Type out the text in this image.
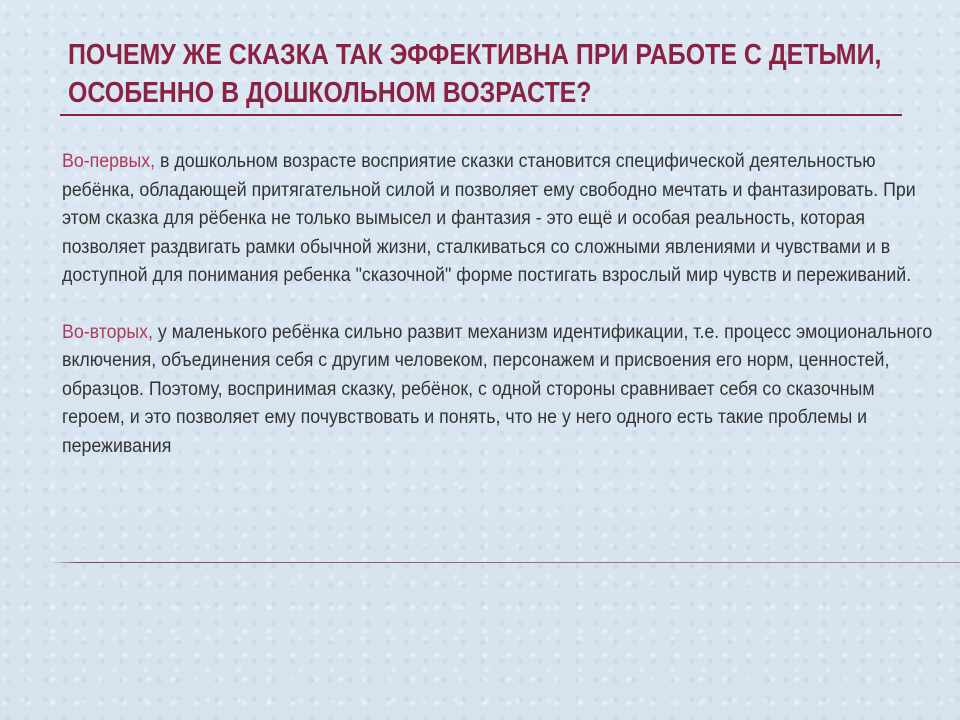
ПОЧЕМУ ЖЕ СКАЗКА ТАК ЭФФЕКТИВНА ПРИ РАБОТЕ С ДЕТЬМИ, ОСОБЕННО В ДОШКОЛЬНОМ ВОЗРАСТЕ?

Во-первых, в дошкольном возрасте восприятие сказки становится специфической деятельностью ребёнка, обладающей притягательной силой и позволяет ему свободно мечтать и фантазировать. При этом сказка для рёбенка не только вымысел и фантазия - это ещё и особая реальность, которая позволяет раздвигать рамки обычной жизни, сталкиваться со сложными явлениями и чувствами и в доступной для понимания ребенка "сказочной" форме постигать взрослый мир чувств и переживаний.

Во-вторых, у маленького ребёнка сильно развит механизм идентификации, т.е. процесс эмоционального включения, объединения себя с другим человеком, персонажем и присвоения его норм, ценностей, образцов. Поэтому, воспринимая сказку, ребёнок, с одной стороны сравнивает себя со сказочным героем, и это позволяет ему почувствовать и понять, что не у него одного есть такие проблемы и переживания
